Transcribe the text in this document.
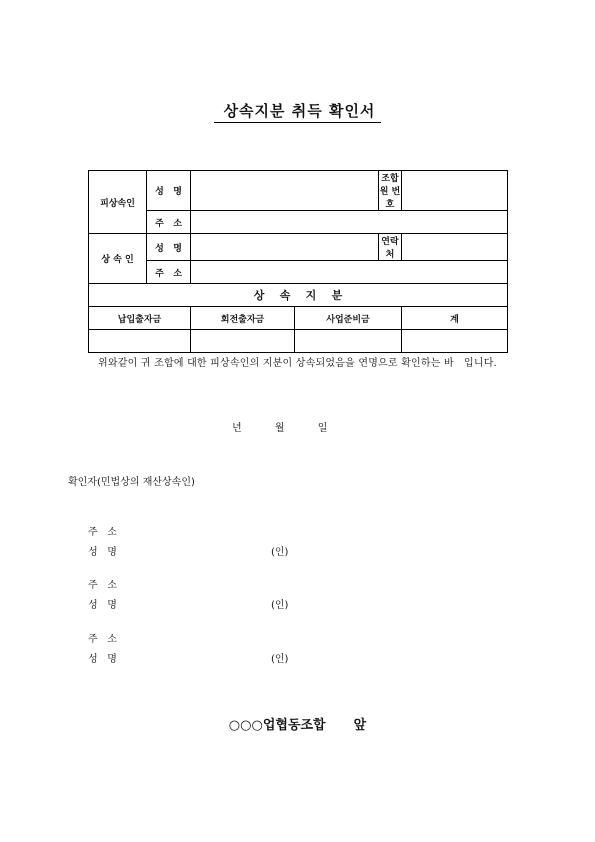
상속지분 취득 확인서
피상속인	성   명			조합원 번호	
	주   소				
상 속 인	성   명			연락처	
	주   소				
상    속    지    분					
납입출자금		회전출자금	사업준비금		계

위와같이 귀 조합에 대한 피상속인의 지분이 상속되었음을 연명으로 확인하는 바   입니다.
년	월	일
확인자(민법상의 재산상속인)
주   소
성   명	(인)
주   소
성   명	(인)
주   소
성   명	(인)
○○○업협동조합 앞
